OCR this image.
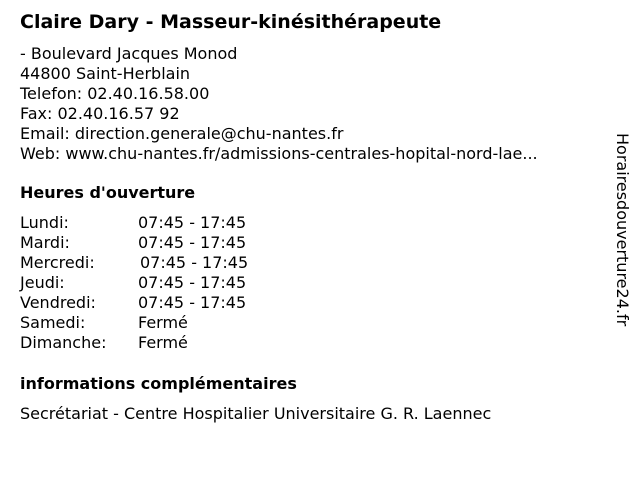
Claire Dary - Masseur-kinésithérapeute
- Boulevard Jacques Monod
44800 Saint-Herblain
Telefon: 02.40.16.58.00
Fax: 02.40.16.57 92
Email: direction.generale@chu-nantes.fr
Web: www.chu-nantes.fr/admissions-centrales-hopital-nord-lae...
Heures d'ouverture
Lundi:	07:45 - 17:45
Mardi:	07:45 - 17:45
Mercredi:	07:45 - 17:45
Jeudi:	07:45 - 17:45
Vendredi:	07:45 - 17:45
Samedi:	Fermé
Dimanche: Fermé
informations complémentaires
Secrétariat - Centre Hospitalier Universitaire G. R. Laennec
Horairesdouverture24.fr
